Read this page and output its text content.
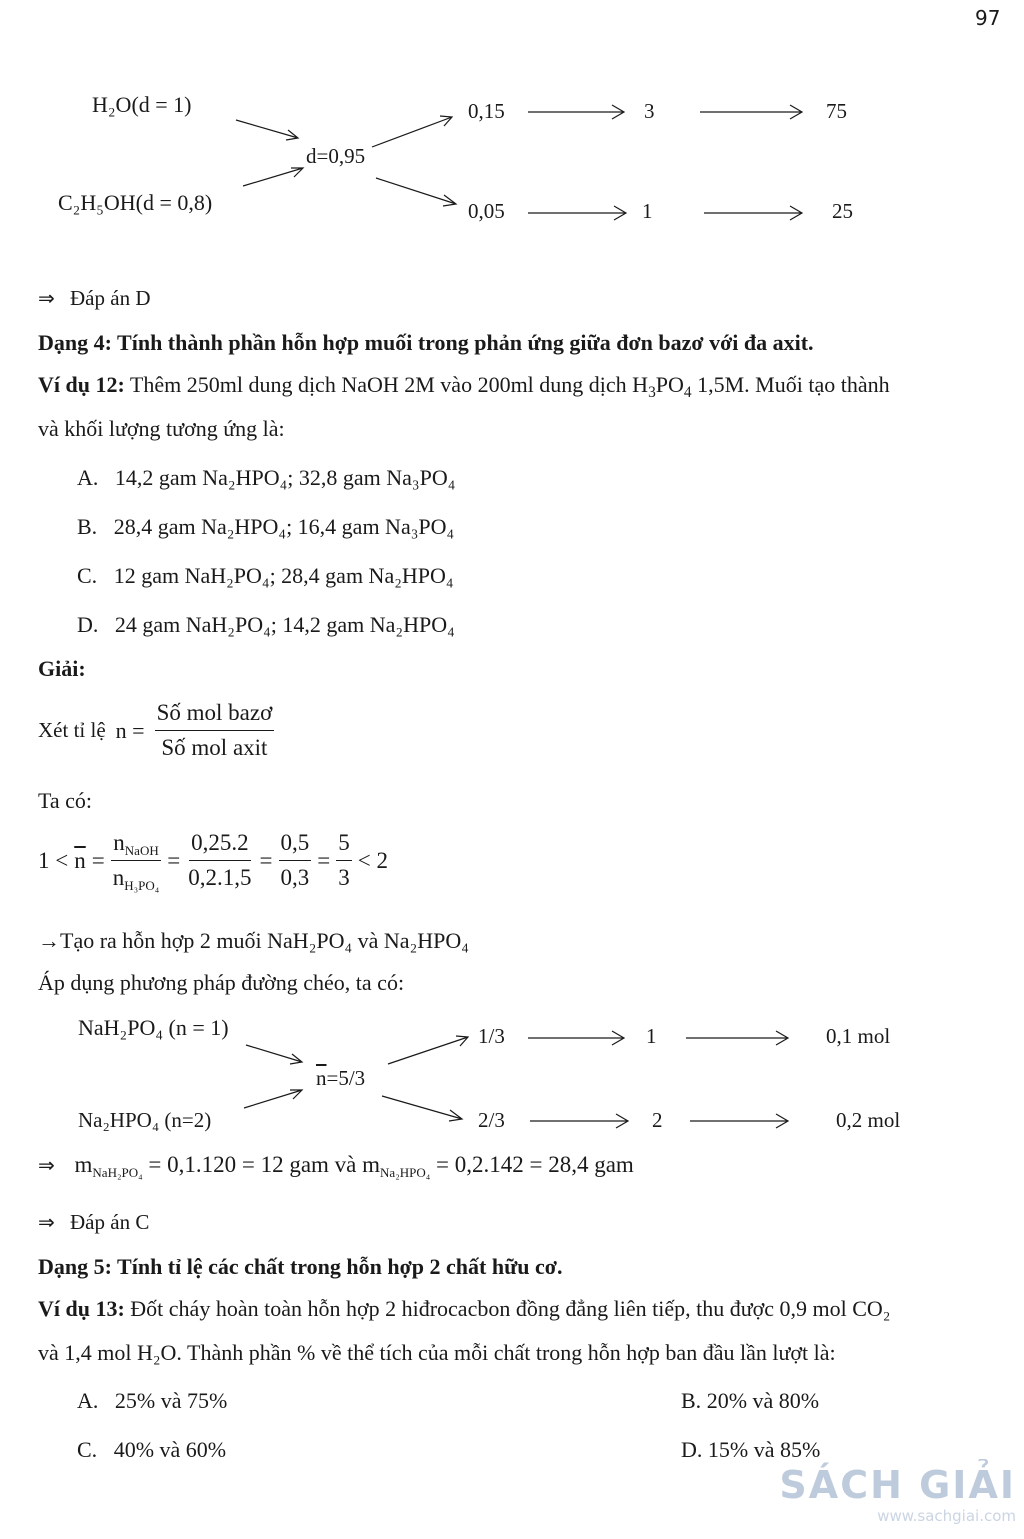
97
H₂O(d = 1)
C₂H₅OH(d = 0,8)
d=0,95
0,15	3	75
0,05	1	25
⇒ Đáp án D
Dạng 4: Tính thành phần hỗn hợp muối trong phản ứng giữa đơn bazơ với đa axit.
Ví dụ 12: Thêm 250ml dung dịch NaOH 2M vào 200ml dung dịch $H_3PO_4$ 1,5M. Muối tạo thành
và khối lượng tương ứng là:
A. 14,2 gam Na₂HPO₄; 32,8 gam Na₃PO₄
B. 28,4 gam Na₂HPO₄; 16,4 gam Na₃PO₄
C. 12 gam NaH₂PO₄; 28,4 gam Na₂HPO₄
D. 24 gam NaH₂PO₄; 14,2 gam Na₂HPO₄
Giải:
Xét tỉ lệ $n = \frac{\text{Số mol bazơ}}{\text{Số mol axit}}$
Ta có:
$1 < \overline{n} = \frac{n_{NaOH}}{n_{H_3PO_4}} = \frac{0,25.2}{0,2.1,5} = \frac{0,5}{0,3} = \frac{5}{3} < 2$
→Tạo ra hỗn hợp 2 muối NaH₂PO₄ và Na₂HPO₄
Áp dụng phương pháp đường chéo, ta có:
NaH₂PO₄ (n = 1)
Na₂HPO₄ (n=2)
$\overline{n}=5/3$
1/3	1	0,1 mol
2/3	2	0,2 mol
⇒ $m_{NaH_2PO_4} = 0,1.120 = 12$ gam và $m_{Na_2HPO_4} = 0,2.142 = 28,4$ gam
⇒ Đáp án C
Dạng 5: Tính tỉ lệ các chất trong hỗn hợp 2 chất hữu cơ.
Ví dụ 13: Đốt cháy hoàn toàn hỗn hợp 2 hiđrocacbon đồng đẳng liên tiếp, thu được 0,9 mol CO₂
và 1,4 mol H₂O. Thành phần % về thể tích của mỗi chất trong hỗn hợp ban đầu lần lượt là:
A. 25% và 75%	B. 20% và 80%
C. 40% và 60%	D. 15% và 85%
SÁCH GIẢI
www.sachgiai.com
